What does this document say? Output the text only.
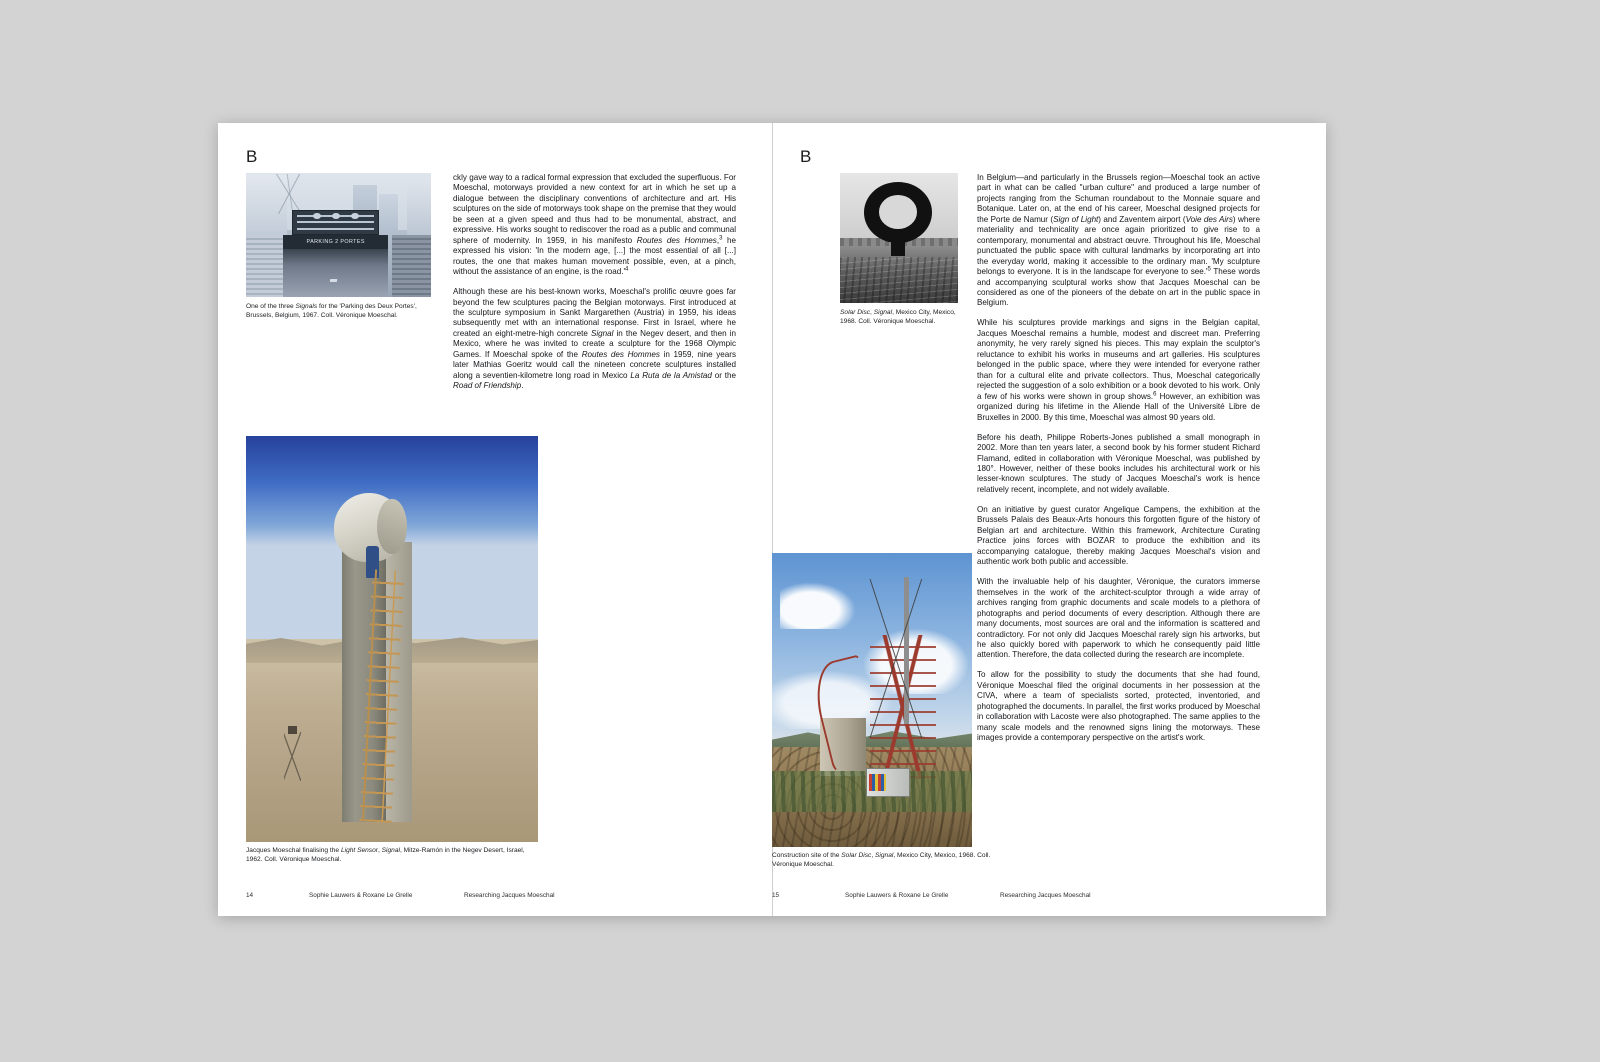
B
PARKING 2 PORTES
One of the three Signals for the 'Parking des Deux Portes', Brussels, Belgium, 1967. Coll. Véronique Moeschal.

ckly gave way to a radical formal expression that excluded the superfluous. For Moeschal, motorways provided a new context for art in which he set up a dialogue between the disciplinary conventions of architecture and art. His sculptures on the side of motorways took shape on the premise that they would be seen at a given speed and thus had to be monumental, abstract, and expressive. His works sought to rediscover the road as a public and communal sphere of modernity. In 1959, in his manifesto Routes des Hommes,$^3$ he expressed his vision: 'In the modern age, [...] the most essential of all [...] routes, the one that makes human movement possible, even, at a pinch, without the assistance of an engine, is the $road.'^4$

Although these are his best-known works, Moeschal's prolific œuvre goes far beyond the few sculptures pacing the Belgian motorways. First introduced at the sculpture symposium in Sankt Margarethen (Austria) in 1959, his ideas subsequently met with an international response. First in Israel, where he created an eight-metre-high concrete Signal in the Negev desert, and then in Mexico, where he was invited to create a sculpture for the 1968 Olympic Games. If Moeschal spoke of the Routes des Hommes in 1959, nine years later Mathias Goeritz would call the nineteen concrete sculptures installed along a seventien-kilometre long road in Mexico La Ruta de la Amistad or the Road of Friendship.

Jacques Moeschal finalising the Light Sensor, Signal, Mitze-Ramón in the Negev Desert, Israel, 1962. Coll. Véronique Moeschal.
14	Sophie Lauwers & Roxane Le Grelle	Researching Jacques Moeschal
B
Solar Disc, Signal, Mexico City, Mexico, 1968. Coll. Véronique Moeschal.

In Belgium—and particularly in the Brussels region—Moeschal took an active part in what can be called "urban culture" and produced a large number of projects ranging from the Schuman roundabout to the Monnaie square and Botanique. Later on, at the end of his career, Moeschal designed projects for the Porte de Namur (Sign of Light) and Zaventem airport (Voie des Airs) where materiality and technicality are once again prioritized to give rise to a contemporary, monumental and abstract œuvre. Throughout his life, Moeschal punctuated the public space with cultural landmarks by incorporating art into the everyday world, making it accessible to the ordinary man. 'My sculpture belongs to everyone. It is in the landscape for everyone to $see.'^5$ These words and accompanying sculptural works show that Jacques Moeschal can be considered as one of the pioneers of the debate on art in the public space in Belgium.

While his sculptures provide markings and signs in the Belgian capital, Jacques Moeschal remains a humble, modest and discreet man. Preferring anonymity, he very rarely signed his pieces. This may explain the sculptor's reluctance to exhibit his works in museums and art galleries. His sculptures belonged in the public space, where they were intended for everyone rather than for a cultural elite and private collectors. Thus, Moeschal categorically rejected the suggestion of a solo exhibition or a book devoted to his work. Only a few of his works were shown in group shows.$^6$ However, an exhibition was organized during his lifetime in the Aliende Hall of the Université Libre de Bruxelles in 2000. By this time, Moeschal was almost 90 years old.

Before his death, Philippe Roberts-Jones published a small monograph in 2002. More than ten years later, a second book by his former student Richard Flamand, edited in collaboration with Véronique Moeschal, was published by 180°. However, neither of these books includes his architectural work or his lesser-known sculptures. The study of Jacques Moeschal's work is hence relatively recent, incomplete, and not widely available.

On an initiative by guest curator Angelique Campens, the exhibition at the Brussels Palais des Beaux-Arts honours this forgotten figure of the history of Belgian art and architecture. Within this framework, Architecture Curating Practice joins forces with BOZAR to produce the exhibition and its accompanying catalogue, thereby making Jacques Moeschal's vision and authentic work both public and accessible.

With the invaluable help of his daughter, Véronique, the curators immerse themselves in the work of the architect-sculptor through a wide array of archives ranging from graphic documents and scale models to a plethora of photographs and period documents of every description. Although there are many documents, most sources are oral and the information is scattered and contradictory. For not only did Jacques Moeschal rarely sign his artworks, but he also quickly bored with paperwork to which he consequently paid little attention. Therefore, the data collected during the research are incomplete.

To allow for the possibility to study the documents that she had found, Véronique Moeschal filed the original documents in her possession at the CIVA, where a team of specialists sorted, protected, inventoried, and photographed the documents. In parallel, the first works produced by Moeschal in collaboration with Lacoste were also photographed. The same applies to the many scale models and the renowned signs lining the motorways. These images provide a contemporary perspective on the artist's work.

Construction site of the Solar Disc, Signal, Mexico City, Mexico, 1968. Coll. Véronique Moeschal.
15	Sophie Lauwers & Roxane Le Grelle	Researching Jacques Moeschal
